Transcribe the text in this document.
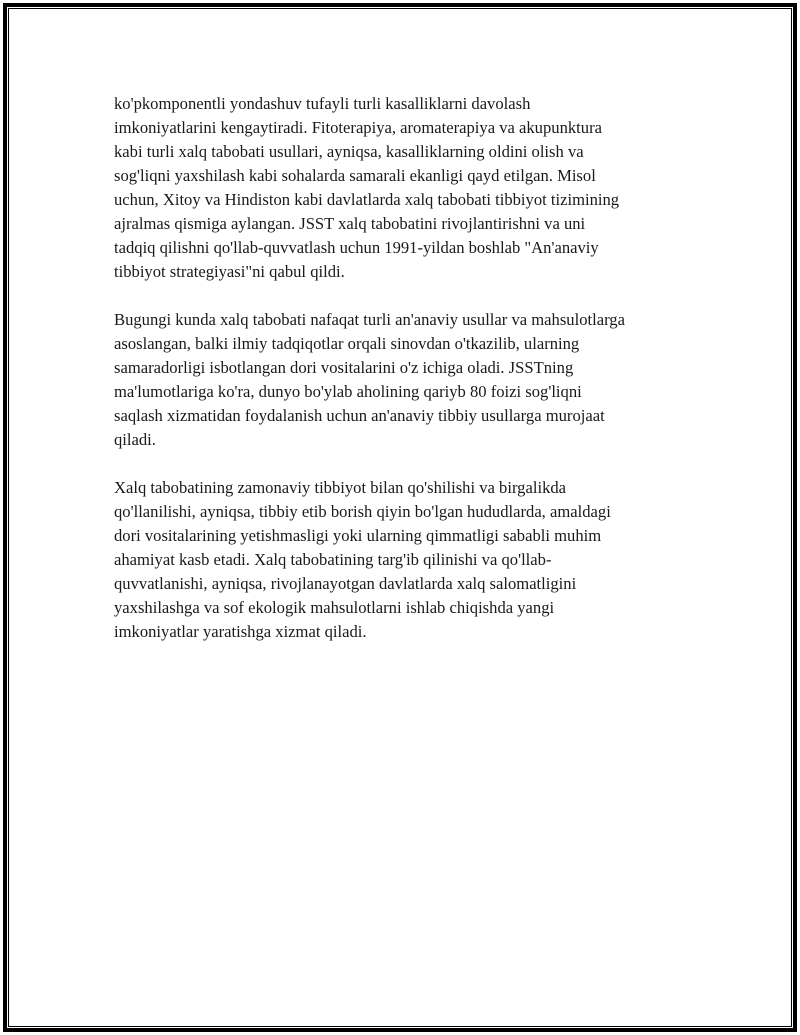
ko'pkomponentli yondashuv tufayli turli kasalliklarni davolash
imkoniyatlarini kengaytiradi. Fitoterapiya, aromaterapiya va akupunktura
kabi turli xalq tabobati usullari, ayniqsa, kasalliklarning oldini olish va
sog'liqni yaxshilash kabi sohalarda samarali ekanligi qayd etilgan. Misol
uchun, Xitoy va Hindiston kabi davlatlarda xalq tabobati tibbiyot tizimining
ajralmas qismiga aylangan. JSST xalq tabobatini rivojlantirishni va uni
tadqiq qilishni qo'llab-quvvatlash uchun 1991-yildan boshlab "An'anaviy
tibbiyot strategiyasi"ni qabul qildi.

Bugungi kunda xalq tabobati nafaqat turli an'anaviy usullar va mahsulotlarga
asoslangan, balki ilmiy tadqiqotlar orqali sinovdan o'tkazilib, ularning
samaradorligi isbotlangan dori vositalarini o'z ichiga oladi. JSSTning
ma'lumotlariga ko'ra, dunyo bo'ylab aholining qariyb 80 foizi sog'liqni
saqlash xizmatidan foydalanish uchun an'anaviy tibbiy usullarga murojaat
qiladi.

Xalq tabobatining zamonaviy tibbiyot bilan qo'shilishi va birgalikda
qo'llanilishi, ayniqsa, tibbiy etib borish qiyin bo'lgan hududlarda, amaldagi
dori vositalarining yetishmasligi yoki ularning qimmatligi sababli muhim
ahamiyat kasb etadi. Xalq tabobatining targ'ib qilinishi va qo'llab-
quvvatlanishi, ayniqsa, rivojlanayotgan davlatlarda xalq salomatligini
yaxshilashga va sof ekologik mahsulotlarni ishlab chiqishda yangi
imkoniyatlar yaratishga xizmat qiladi.
